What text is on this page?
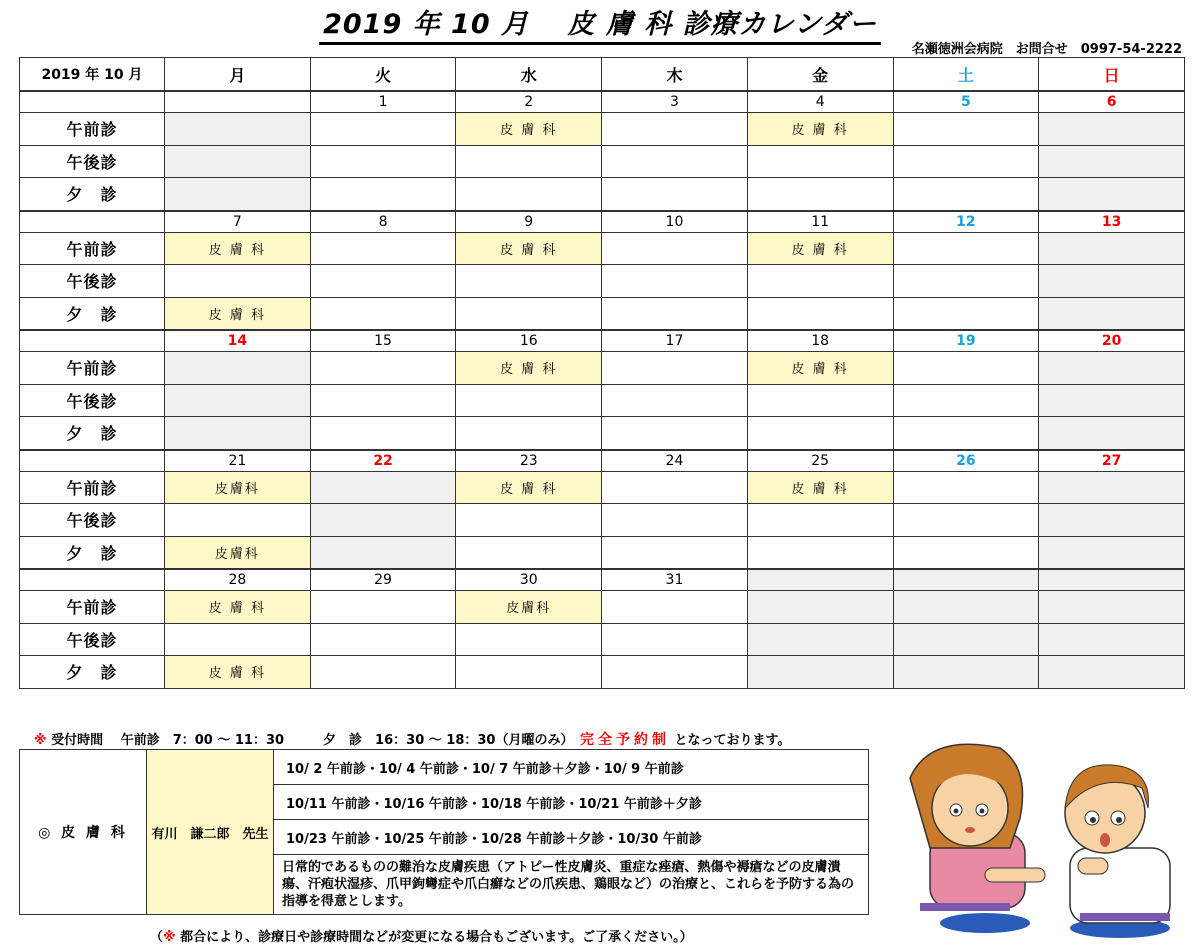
2019 年 10 月　 皮 膚 科 診療カレンダー
名瀬徳洲会病院　お問合せ　0997-54-2222
2019 年 10 月	月	火	水	木	金	土	日
		1	2	3	4	5	6
午前診			皮 膚 科		皮 膚 科		
午後診							
夕　診							
	7	8	9	10	11	12	13
午前診	皮 膚 科		皮 膚 科		皮 膚 科		
午後診							
夕　診	皮 膚 科						
	14	15	16	17	18	19	20
午前診			皮 膚 科		皮 膚 科		
午後診							
夕　診							
	21	22	23	24	25	26	27
午前診	皮膚科		皮 膚 科		皮 膚 科		
午後診							
夕　診	皮膚科						
	28	29	30	31			
午前診	皮 膚 科		皮膚科				
午後診							
夕　診	皮 膚 科						
※ 受付時間　 午前診　7：00 ～ 11：30　　　夕　診　16：30 ～ 18：30（月曜のみ）　完全予約制 となっております。
◎ 皮 膚 科	有川　謙二郎　先生	10/ 2 午前診・10/ 4 午前診・10/ 7 午前診＋夕診・10/ 9 午前診
10/11 午前診・10/16 午前診・10/18 午前診・10/21 午前診＋夕診
10/23 午前診・10/25 午前診・10/28 午前診＋夕診・10/30 午前診
日常的であるものの難治な皮膚疾患（アトピー性皮膚炎、重症な痤瘡、熱傷や褥瘡などの皮膚潰瘍、汗疱状湿疹、爪甲鉤彎症や爪白癬などの爪疾患、鶏眼など）の治療と、これらを予防する為の指導を得意とします。
（※ 都合により、診療日や診療時間などが変更になる場合もございます。ご了承ください。）
